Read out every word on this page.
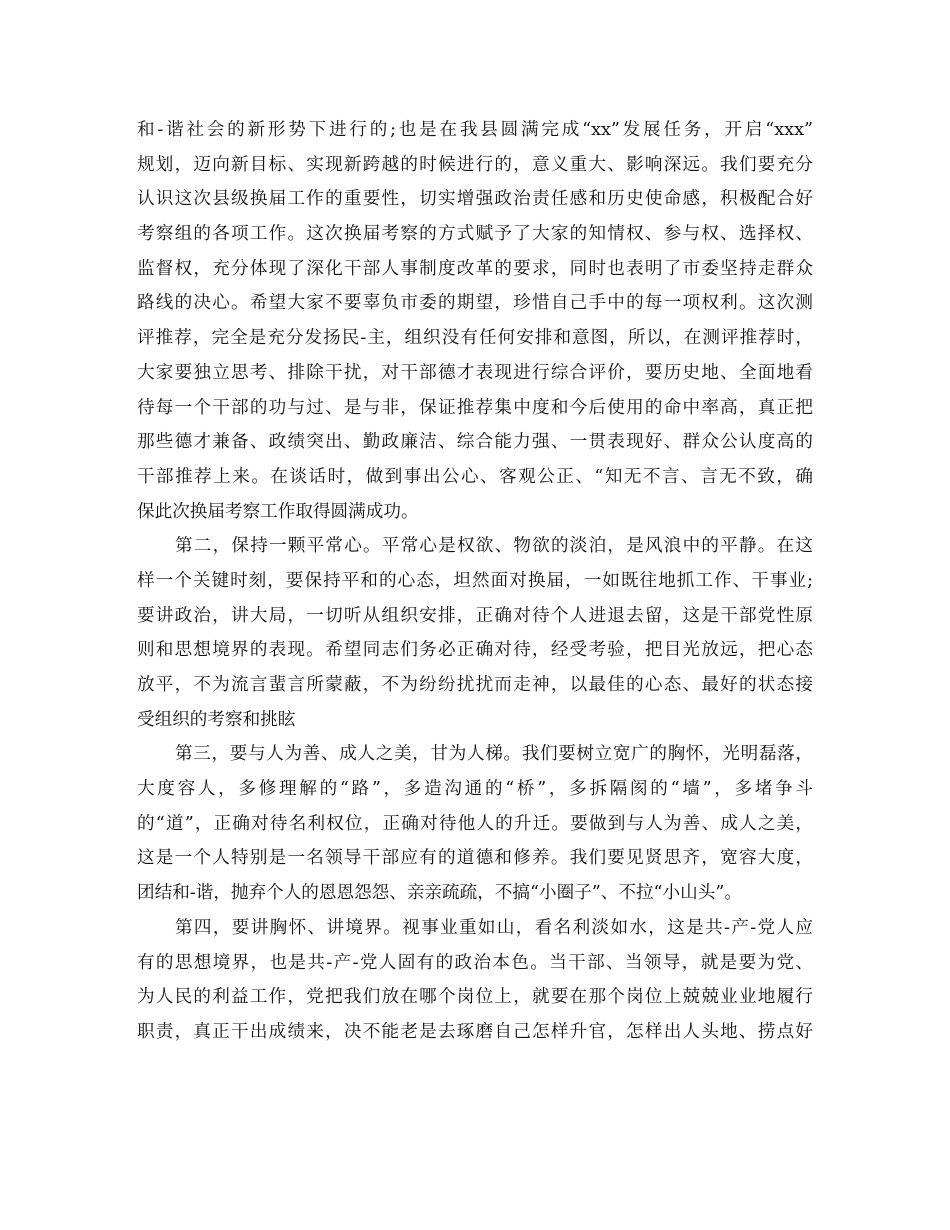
和-谐社会的新形势下进行的;也是在我县圆满完成“xx”发展任务，开启“xxx”
规划，迈向新目标、实现新跨越的时候进行的，意义重大、影响深远。我们要充分
认识这次县级换届工作的重要性，切实增强政治责任感和历史使命感，积极配合好
考察组的各项工作。这次换届考察的方式赋予了大家的知情权、参与权、选择权、
监督权，充分体现了深化干部人事制度改革的要求，同时也表明了市委坚持走群众
路线的决心。希望大家不要辜负市委的期望，珍惜自己手中的每一项权利。这次测
评推荐，完全是充分发扬民-主，组织没有任何安排和意图，所以，在测评推荐时，
大家要独立思考、排除干扰，对干部德才表现进行综合评价，要历史地、全面地看
待每一个干部的功与过、是与非，保证推荐集中度和今后使用的命中率高，真正把
那些德才兼备、政绩突出、勤政廉洁、综合能力强、一贯表现好、群众公认度高的
干部推荐上来。在谈话时，做到事出公心、客观公正、“知无不言、言无不致，确
保此次换届考察工作取得圆满成功。
第二，保持一颗平常心。平常心是权欲、物欲的淡泊，是风浪中的平静。在这
样一个关键时刻，要保持平和的心态，坦然面对换届，一如既往地抓工作、干事业;
要讲政治，讲大局，一切听从组织安排，正确对待个人进退去留，这是干部党性原
则和思想境界的表现。希望同志们务必正确对待，经受考验，把目光放远，把心态
放平，不为流言蜚言所蒙蔽，不为纷纷扰扰而走神，以最佳的心态、最好的状态接
受组织的考察和挑眩
第三，要与人为善、成人之美，甘为人梯。我们要树立宽广的胸怀，光明磊落，
大度容人，多修理解的“路”，多造沟通的“桥”，多拆隔阂的“墙”，多堵争斗
的“道”，正确对待名利权位，正确对待他人的升迁。要做到与人为善、成人之美，
这是一个人特别是一名领导干部应有的道德和修养。我们要见贤思齐，宽容大度，
团结和-谐，抛弃个人的恩恩怨怨、亲亲疏疏，不搞“小圈子”、不拉“小山头”。
第四，要讲胸怀、讲境界。视事业重如山，看名利淡如水，这是共-产-党人应
有的思想境界，也是共-产-党人固有的政治本色。当干部、当领导，就是要为党、
为人民的利益工作，党把我们放在哪个岗位上，就要在那个岗位上兢兢业业地履行
职责，真正干出成绩来，决不能老是去琢磨自己怎样升官，怎样出人头地、捞点好
